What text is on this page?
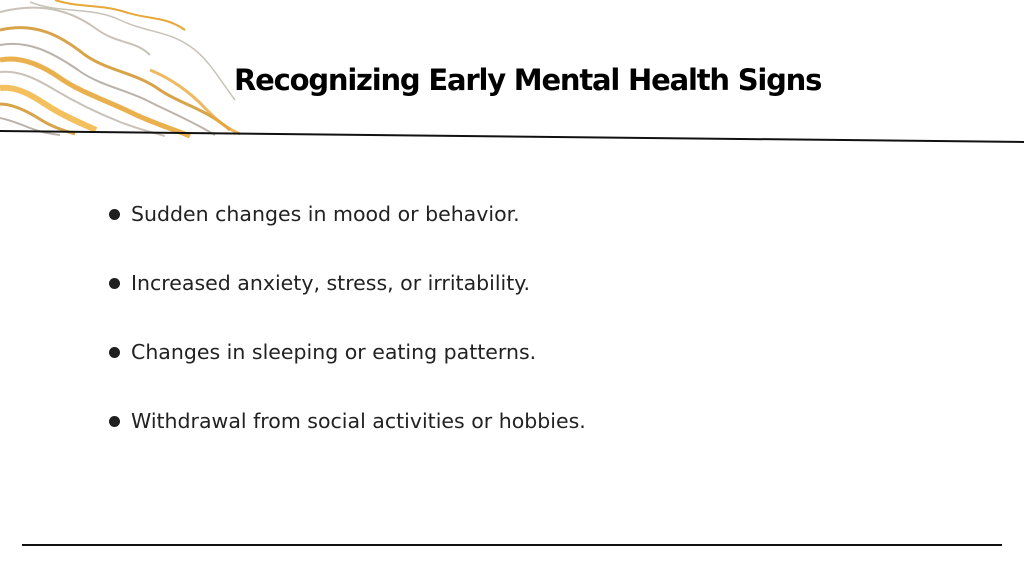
Recognizing Early Mental Health Signs
Sudden changes in mood or behavior.
Increased anxiety, stress, or irritability.
Changes in sleeping or eating patterns.
Withdrawal from social activities or hobbies.
